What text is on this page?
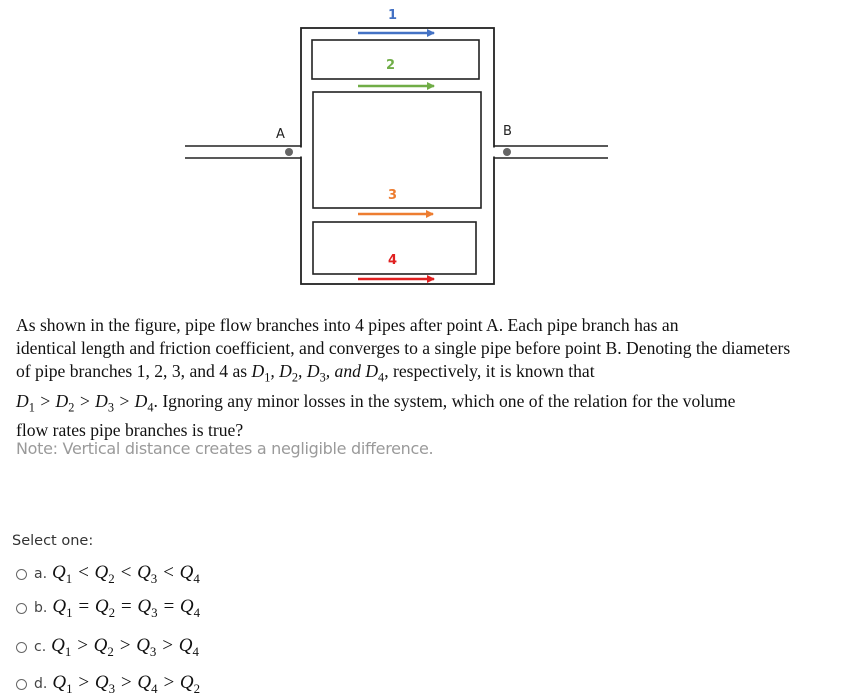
A	B
1
2
3
4

As shown in the figure, pipe flow branches into 4 pipes after point A. Each pipe branch has an

identical length and friction coefficient, and converges to a single pipe before point B. Denoting the diameters

of pipe branches 1, 2, 3, and 4 as $D_1$, $D_2$, $D_3$, and $D_4$, respectively, it is known that

$D_1 > D_2 > D_3 > D_4$. Ignoring any minor losses in the system, which one of the relation for the volume

flow rates pipe branches is true?

Note: Vertical distance creates a negligible difference.
Select one:
a. $Q_1 < Q_2 < Q_3 < Q_4$
b. $Q_1 = Q_2 = Q_3 = Q_4$
c. $Q_1 > Q_2 > Q_3 > Q_4$
d. $Q_1 > Q_3 > Q_4 > Q_2$
